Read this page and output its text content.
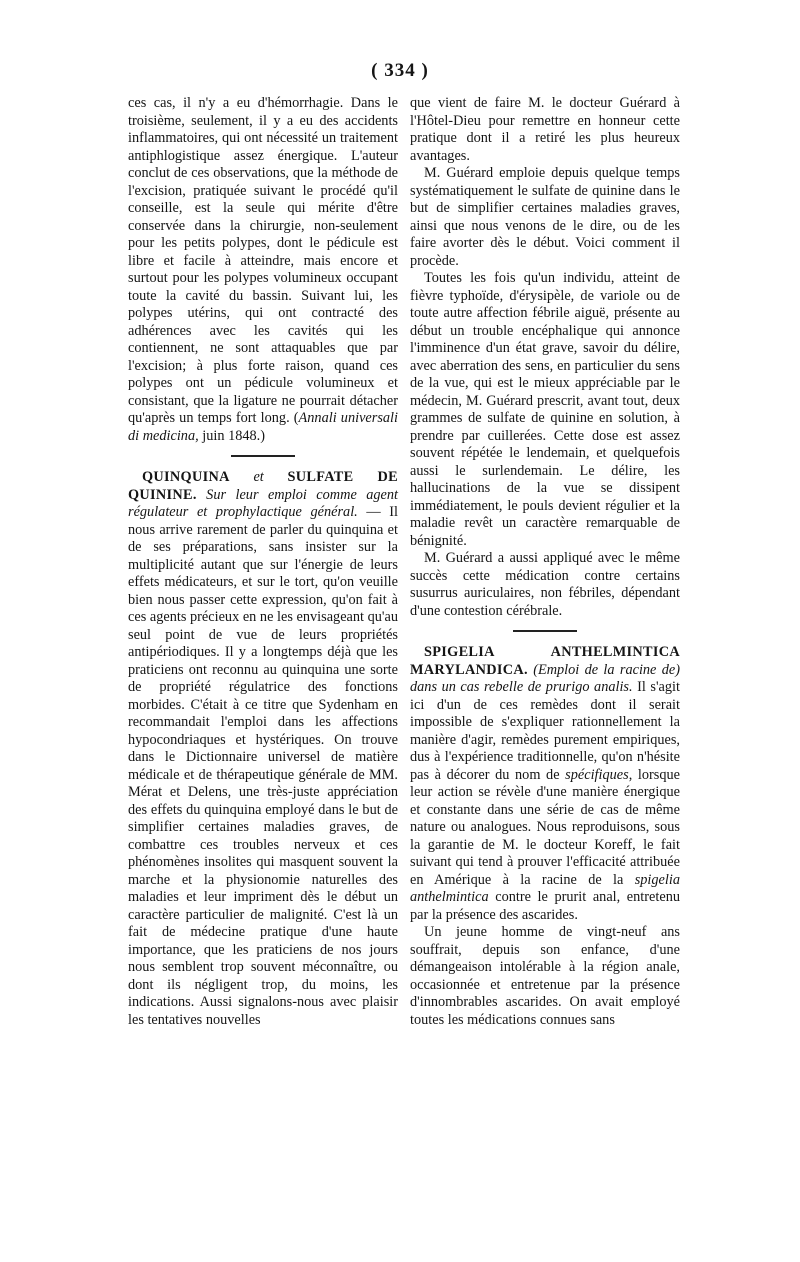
( 334 )

ces cas, il n'y a eu d'hémorrhagie. Dans le troisième, seulement, il y a eu des accidents inflammatoires, qui ont nécessité un traitement antiphlogistique assez énergique. L'auteur conclut de ces observations, que la méthode de l'excision, pratiquée suivant le procédé qu'il conseille, est la seule qui mérite d'être conservée dans la chirurgie, non-seulement pour les petits polypes, dont le pédicule est libre et facile à atteindre, mais encore et surtout pour les polypes volumineux occupant toute la cavité du bassin. Suivant lui, les polypes utérins, qui ont contracté des adhérences avec les cavités qui les contiennent, ne sont attaquables que par l'excision; à plus forte raison, quand ces polypes ont un pédicule volumineux et consistant, que la ligature ne pourrait détacher qu'après un temps fort long. (Annali universali di medicina, juin 1848.)

QUINQUINA et SULFATE DE QUININE. Sur leur emploi comme agent régulateur et prophylactique général. — Il nous arrive rarement de parler du quinquina et de ses préparations, sans insister sur la multiplicité autant que sur l'énergie de leurs effets médicateurs, et sur le tort, qu'on veuille bien nous passer cette expression, qu'on fait à ces agents précieux en ne les envisageant qu'au seul point de vue de leurs propriétés antipériodiques. Il y a longtemps déjà que les praticiens ont reconnu au quinquina une sorte de propriété régulatrice des fonctions morbides. C'était à ce titre que Sydenham en recommandait l'emploi dans les affections hypocondriaques et hystériques. On trouve dans le Dictionnaire universel de matière médicale et de thérapeutique générale de MM. Mérat et Delens, une très-juste appréciation des effets du quinquina employé dans le but de simplifier certaines maladies graves, de combattre ces troubles nerveux et ces phénomènes insolites qui masquent souvent la marche et la physionomie naturelles des maladies et leur impriment dès le début un caractère particulier de malignité. C'est là un fait de médecine pratique d'une haute importance, que les praticiens de nos jours nous semblent trop souvent méconnaître, ou dont ils négligent trop, du moins, les indications. Aussi signalons-nous avec plaisir les tentatives nouvelles

que vient de faire M. le docteur Guérard à l'Hôtel-Dieu pour remettre en honneur cette pratique dont il a retiré les plus heureux avantages.

M. Guérard emploie depuis quelque temps systématiquement le sulfate de quinine dans le but de simplifier certaines maladies graves, ainsi que nous venons de le dire, ou de les faire avorter dès le début. Voici comment il procède.

Toutes les fois qu'un individu, atteint de fièvre typhoïde, d'érysipèle, de variole ou de toute autre affection fébrile aiguë, présente au début un trouble encéphalique qui annonce l'imminence d'un état grave, savoir du délire, avec aberration des sens, en particulier du sens de la vue, qui est le mieux appréciable par le médecin, M. Guérard prescrit, avant tout, deux grammes de sulfate de quinine en solution, à prendre par cuillerées. Cette dose est assez souvent répétée le lendemain, et quelquefois aussi le surlendemain. Le délire, les hallucinations de la vue se dissipent immédiatement, le pouls devient régulier et la maladie revêt un caractère remarquable de bénignité.

M. Guérard a aussi appliqué avec le même succès cette médication contre certains susurrus auriculaires, non fébriles, dépendant d'une contestion cérébrale.

SPIGELIA ANTHELMINTICA MARYLANDICA. (Emploi de la racine de) dans un cas rebelle de prurigo analis. Il s'agit ici d'un de ces remèdes dont il serait impossible de s'expliquer rationnellement la manière d'agir, remèdes purement empiriques, dus à l'expérience traditionnelle, qu'on n'hésite pas à décorer du nom de spécifiques, lorsque leur action se révèle d'une manière énergique et constante dans une série de cas de même nature ou analogues. Nous reproduisons, sous la garantie de M. le docteur Koreff, le fait suivant qui tend à prouver l'efficacité attribuée en Amérique à la racine de la spigelia anthelmintica contre le prurit anal, entretenu par la présence des ascarides.

Un jeune homme de vingt-neuf ans souffrait, depuis son enfance, d'une démangeaison intolérable à la région anale, occasionnée et entretenue par la présence d'innombrables ascarides. On avait employé toutes les médications connues sans
